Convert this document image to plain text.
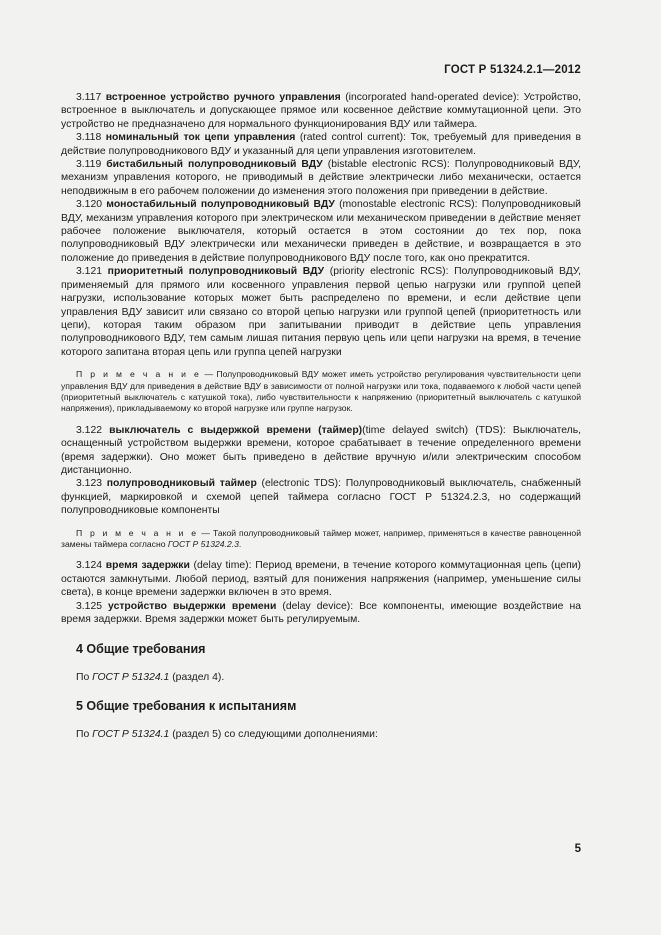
ГОСТ Р 51324.2.1—2012

3.117 встроенное устройство ручного управления (incorporated hand-operated device): Устройство, встроенное в выключатель и допускающее прямое или косвенное действие коммутационной цепи. Это устройство не предназначено для нормального функционирования ВДУ или таймера.

3.118 номинальный ток цепи управления (rated control current): Ток, требуемый для приведения в действие полупроводникового ВДУ и указанный для цепи управления изготовителем.

3.119 бистабильный полупроводниковый ВДУ (bistable electronic RCS): Полупроводниковый ВДУ, механизм управления которого, не приводимый в действие электрически либо механически, остается неподвижным в его рабочем положении до изменения этого положения при приведении в действие.

3.120 моностабильный полупроводниковый ВДУ (monostable electronic RCS): Полупроводниковый ВДУ, механизм управления которого при электрическом или механическом приведении в действие меняет рабочее положение выключателя, который остается в этом состоянии до тех пор, пока полупроводниковый ВДУ электрически или механически приведен в действие, и возвращается в это положение до приведения в действие полупроводникового ВДУ после того, как оно прекратится.

3.121 приоритетный полупроводниковый ВДУ (priority electronic RCS): Полупроводниковый ВДУ, применяемый для прямого или косвенного управления первой цепью нагрузки или группой цепей нагрузки, использование которых может быть распределено по времени, и если действие цепи управления ВДУ зависит или связано со второй цепью нагрузки или группой цепей (приоритетность или цепи), которая таким образом при запитывании приводит в действие цепь управления полупроводникового ВДУ, тем самым лишая питания первую цепь или цепи нагрузки на время, в течение которого запитана вторая цепь или группа цепей нагрузки

П р и м е ч а н и е — Полупроводниковый ВДУ может иметь устройство регулирования чувствительности цепи управления ВДУ для приведения в действие ВДУ в зависимости от полной нагрузки или тока, подаваемого к любой части цепей (приоритетный выключатель с катушкой тока), либо чувствительности к напряжению (приоритетный выключатель с катушкой напряжения), прикладываемому ко второй нагрузке или группе нагрузок.

3.122 выключатель с выдержкой времени (таймер)(time delayed switch) (TDS): Выключатель, оснащенный устройством выдержки времени, которое срабатывает в течение определенного времени (время задержки). Оно может быть приведено в действие вручную и/или электрическим способом дистанционно.

3.123 полупроводниковый таймер (electronic TDS): Полупроводниковый выключатель, снабженный функцией, маркировкой и схемой цепей таймера согласно ГОСТ Р 51324.2.3, но содержащий полупроводниковые компоненты

П р и м е ч а н и е — Такой полупроводниковый таймер может, например, применяться в качестве равноценной замены таймера согласно ГОСТ Р 51324.2.3.

3.124 время задержки (delay time): Период времени, в течение которого коммутационная цепь (цепи) остаются замкнутыми. Любой период, взятый для понижения напряжения (например, уменьшение силы света), в конце времени задержки включен в это время.

3.125 устройство выдержки времени (delay device): Все компоненты, имеющие воздействие на время задержки. Время задержки может быть регулируемым.

4 Общие требования

По ГОСТ Р 51324.1 (раздел 4).

5 Общие требования к испытаниям

По ГОСТ Р 51324.1 (раздел 5) со следующими дополнениями:

5
